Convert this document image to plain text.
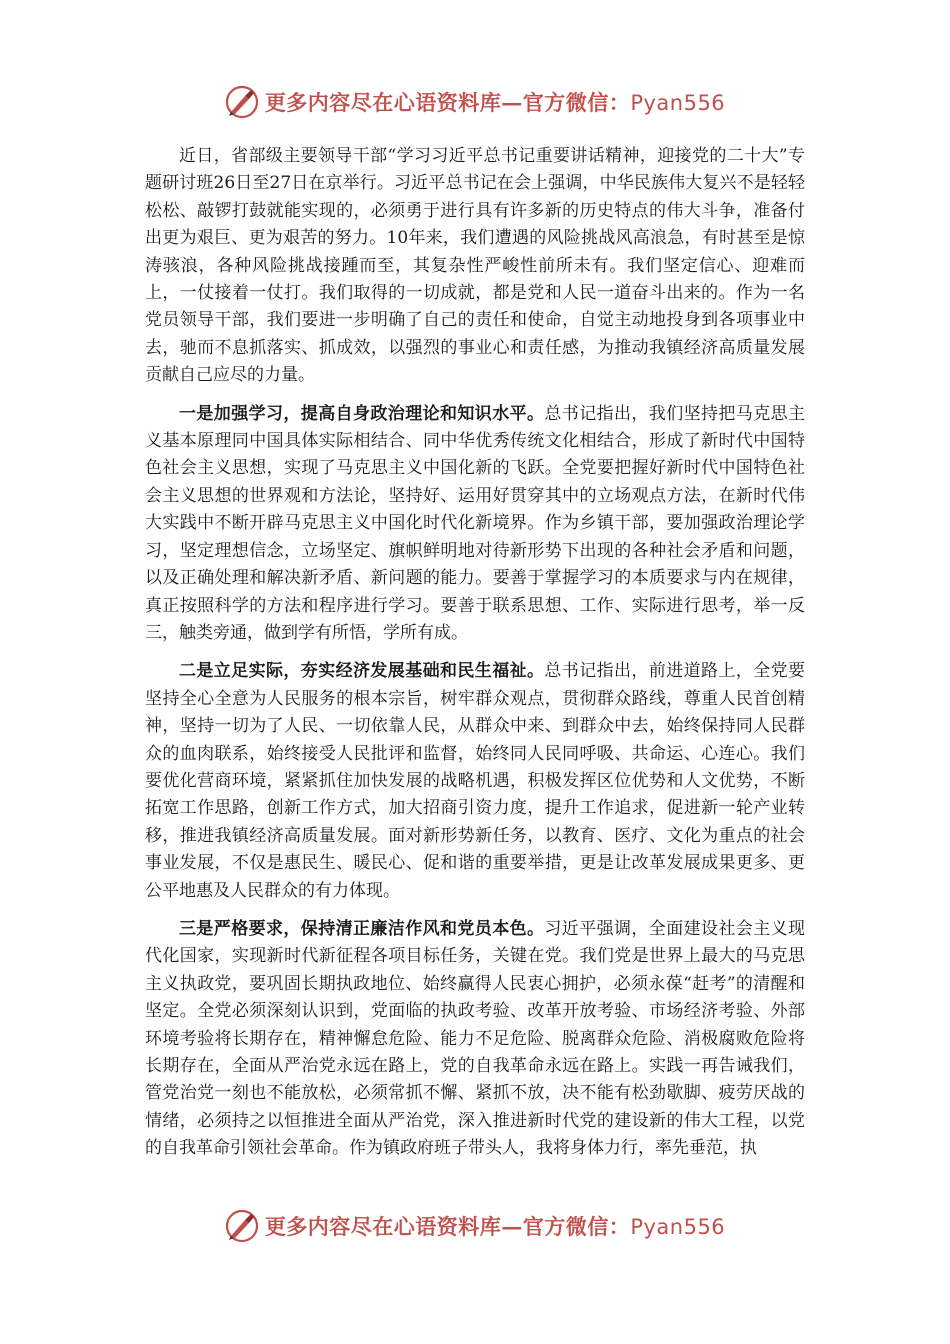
更多内容尽在心语资料库—官方微信：Pyan556

近日，省部级主要领导干部“学习习近平总书记重要讲话精神，迎接党的二十大”专题研讨班26日至27日在京举行。习近平总书记在会上强调，中华民族伟大复兴不是轻轻松松、敲锣打鼓就能实现的，必须勇于进行具有许多新的历史特点的伟大斗争，准备付出更为艰巨、更为艰苦的努力。10年来，我们遭遇的风险挑战风高浪急，有时甚至是惊涛骇浪，各种风险挑战接踵而至，其复杂性严峻性前所未有。我们坚定信心、迎难而上，一仗接着一仗打。我们取得的一切成就，都是党和人民一道奋斗出来的。作为一名党员领导干部，我们要进一步明确了自己的责任和使命，自觉主动地投身到各项事业中去，驰而不息抓落实、抓成效，以强烈的事业心和责任感，为推动我镇经济高质量发展贡献自己应尽的力量。

一是加强学习，提高自身政治理论和知识水平。总书记指出，我们坚持把马克思主义基本原理同中国具体实际相结合、同中华优秀传统文化相结合，形成了新时代中国特色社会主义思想，实现了马克思主义中国化新的飞跃。全党要把握好新时代中国特色社会主义思想的世界观和方法论，坚持好、运用好贯穿其中的立场观点方法，在新时代伟大实践中不断开辟马克思主义中国化时代化新境界。作为乡镇干部，要加强政治理论学习，坚定理想信念，立场坚定、旗帜鲜明地对待新形势下出现的各种社会矛盾和问题，以及正确处理和解决新矛盾、新问题的能力。要善于掌握学习的本质要求与内在规律，真正按照科学的方法和程序进行学习。要善于联系思想、工作、实际进行思考，举一反三，触类旁通，做到学有所悟，学所有成。

二是立足实际，夯实经济发展基础和民生福祉。总书记指出，前进道路上，全党要坚持全心全意为人民服务的根本宗旨，树牢群众观点，贯彻群众路线，尊重人民首创精神，坚持一切为了人民、一切依靠人民，从群众中来、到群众中去，始终保持同人民群众的血肉联系，始终接受人民批评和监督，始终同人民同呼吸、共命运、心连心。我们要优化营商环境，紧紧抓住加快发展的战略机遇，积极发挥区位优势和人文优势，不断拓宽工作思路，创新工作方式，加大招商引资力度，提升工作追求，促进新一轮产业转移，推进我镇经济高质量发展。面对新形势新任务，以教育、医疗、文化为重点的社会事业发展，不仅是惠民生、暖民心、促和谐的重要举措，更是让改革发展成果更多、更公平地惠及人民群众的有力体现。

三是严格要求，保持清正廉洁作风和党员本色。习近平强调，全面建设社会主义现代化国家，实现新时代新征程各项目标任务，关键在党。我们党是世界上最大的马克思主义执政党，要巩固长期执政地位、始终赢得人民衷心拥护，必须永葆“赶考”的清醒和坚定。全党必须深刻认识到，党面临的执政考验、改革开放考验、市场经济考验、外部环境考验将长期存在，精神懈怠危险、能力不足危险、脱离群众危险、消极腐败危险将长期存在，全面从严治党永远在路上，党的自我革命永远在路上。实践一再告诫我们，管党治党一刻也不能放松，必须常抓不懈、紧抓不放，决不能有松劲歇脚、疲劳厌战的情绪，必须持之以恒推进全面从严治党，深入推进新时代党的建设新的伟大工程，以党的自我革命引领社会革命。作为镇政府班子带头人，我将身体力行，率先垂范，执

更多内容尽在心语资料库—官方微信：Pyan556
